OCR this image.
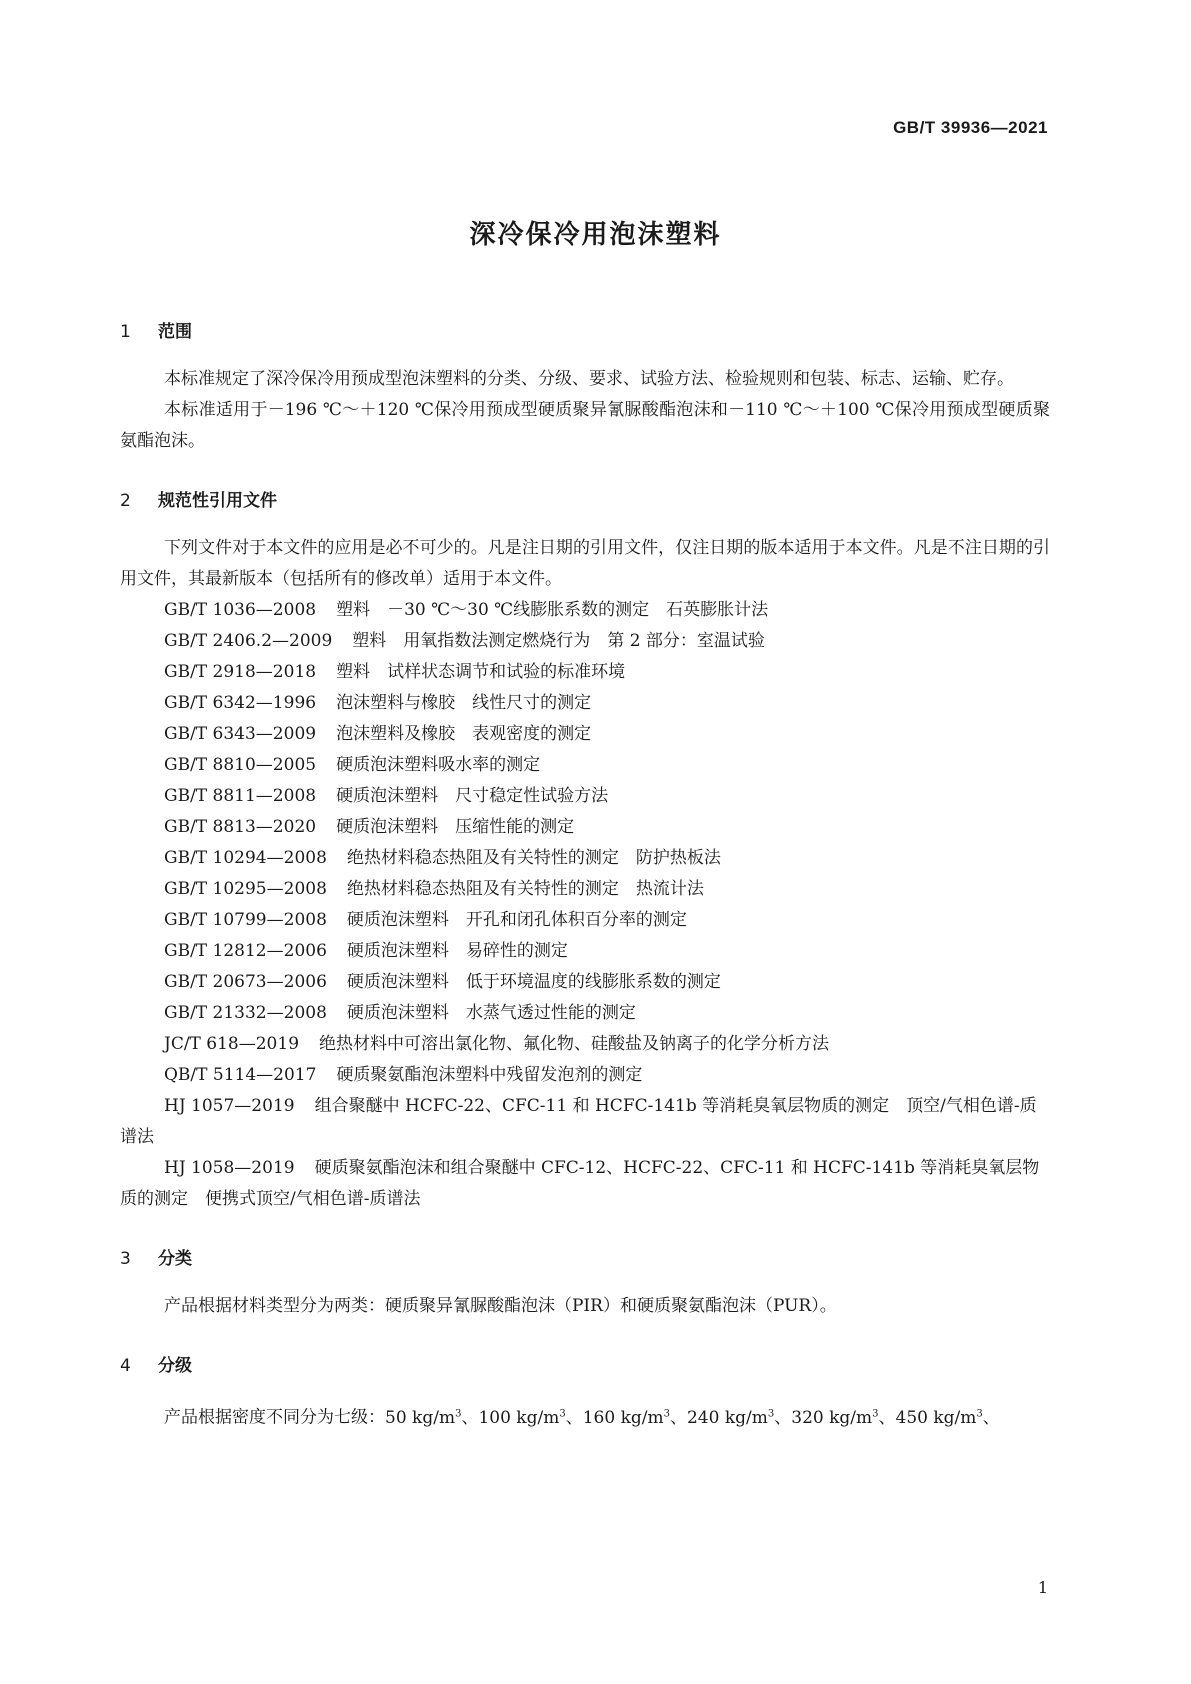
GB/T 39936—2021
深冷保冷用泡沫塑料
1 范围

本标准规定了深冷保冷用预成型泡沫塑料的分类、分级、要求、试验方法、检验规则和包装、标志、运输、贮存。

本标准适用于－196 ℃～＋120 ℃保冷用预成型硬质聚异氰脲酸酯泡沫和－110 ℃～＋100 ℃保冷用预成型硬质聚氨酯泡沫。

2 规范性引用文件

下列文件对于本文件的应用是必不可少的。凡是注日期的引用文件，仅注日期的版本适用于本文件。凡是不注日期的引用文件，其最新版本（包括所有的修改单）适用于本文件。

GB/T 1036—2008 塑料　－30 ℃～30 ℃线膨胀系数的测定　石英膨胀计法

GB/T 2406.2—2009 塑料　用氧指数法测定燃烧行为　第 2 部分：室温试验

GB/T 2918—2018 塑料　试样状态调节和试验的标准环境

GB/T 6342—1996 泡沫塑料与橡胶　线性尺寸的测定

GB/T 6343—2009 泡沫塑料及橡胶　表观密度的测定

GB/T 8810—2005 硬质泡沫塑料吸水率的测定

GB/T 8811—2008 硬质泡沫塑料　尺寸稳定性试验方法

GB/T 8813—2020 硬质泡沫塑料　压缩性能的测定

GB/T 10294—2008 绝热材料稳态热阻及有关特性的测定　防护热板法

GB/T 10295—2008 绝热材料稳态热阻及有关特性的测定　热流计法

GB/T 10799—2008 硬质泡沫塑料　开孔和闭孔体积百分率的测定

GB/T 12812—2006 硬质泡沫塑料　易碎性的测定

GB/T 20673—2006 硬质泡沫塑料　低于环境温度的线膨胀系数的测定

GB/T 21332—2008 硬质泡沫塑料　水蒸气透过性能的测定

JC/T 618—2019 绝热材料中可溶出氯化物、氟化物、硅酸盐及钠离子的化学分析方法

QB/T 5114—2017 硬质聚氨酯泡沫塑料中残留发泡剂的测定

HJ 1057—2019 组合聚醚中 HCFC-22、CFC-11 和 HCFC-141b 等消耗臭氧层物质的测定　顶空/气相色谱-质谱法

HJ 1058—2019 硬质聚氨酯泡沫和组合聚醚中 CFC-12、HCFC-22、CFC-11 和 HCFC-141b 等消耗臭氧层物质的测定　便携式顶空/气相色谱-质谱法

3 分类

产品根据材料类型分为两类：硬质聚异氰脲酸酯泡沫（PIR）和硬质聚氨酯泡沫（PUR）。

4 分级

产品根据密度不同分为七级：50 $kg/m^3$、100 $kg/m^3$、160 $kg/m^3$、240 $kg/m^3$、320 $kg/m^3$、450 $kg/m^3$、

1
